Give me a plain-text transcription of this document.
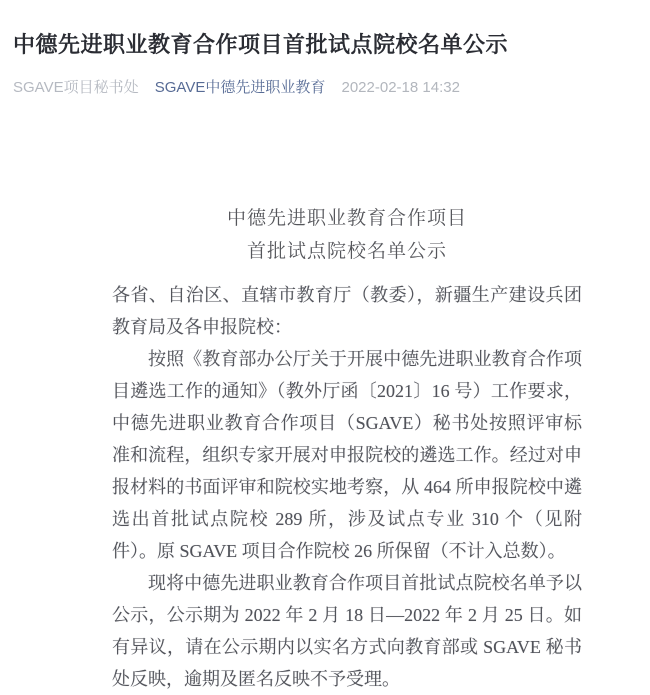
中德先进职业教育合作项目首批试点院校名单公示
SGAVE项目秘书处 SGAVE中德先进职业教育 2022-02-18 14:32
中德先进职业教育合作项目
首批试点院校名单公示

各省、自治区、直辖市教育厅（教委），新疆生产建设兵团教育局及各申报院校：

按照《教育部办公厅关于开展中德先进职业教育合作项目遴选工作的通知》（教外厅函〔2021〕16 号）工作要求，中德先进职业教育合作项目（SGAVE）秘书处按照评审标准和流程，组织专家开展对申报院校的遴选工作。经过对申报材料的书面评审和院校实地考察，从 464 所申报院校中遴选出首批试点院校 289 所，涉及试点专业 310 个（见附件）。原 SGAVE 项目合作院校 26 所保留（不计入总数）。

现将中德先进职业教育合作项目首批试点院校名单予以公示，公示期为 2022 年 2 月 18 日—2022 年 2 月 25 日。如有异议，请在公示期内以实名方式向教育部或 SGAVE 秘书处反映，逾期及匿名反映不予受理。
